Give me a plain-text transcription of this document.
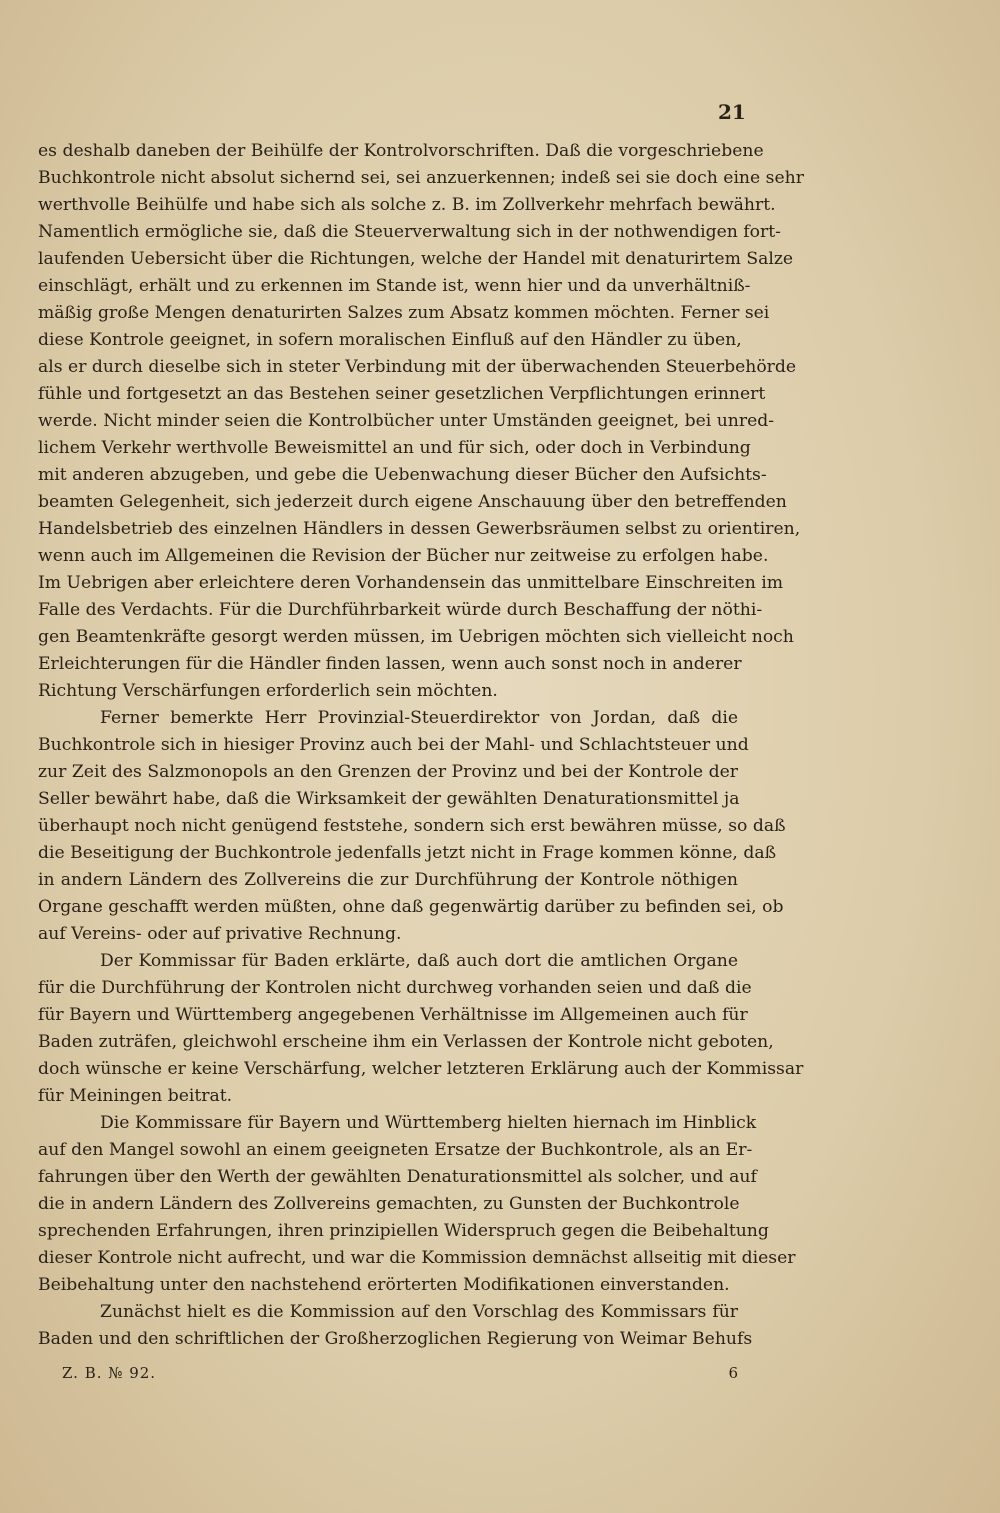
21
es deshalb daneben der Beihülfe der Kontrolvorschriften. Daß die vorgeschriebene
Buchkontrole nicht absolut sichernd sei, sei anzuerkennen; indeß sei sie doch eine sehr
werthvolle Beihülfe und habe sich als solche z. B. im Zollverkehr mehrfach bewährt.
Namentlich ermögliche sie, daß die Steuerverwaltung sich in der nothwendigen fort-
laufenden Uebersicht über die Richtungen, welche der Handel mit denaturirtem Salze
einschlägt, erhält und zu erkennen im Stande ist, wenn hier und da unverhältniß-
mäßig große Mengen denaturirten Salzes zum Absatz kommen möchten. Ferner sei
diese Kontrole geeignet, in sofern moralischen Einfluß auf den Händler zu üben,
als er durch dieselbe sich in steter Verbindung mit der überwachenden Steuerbehörde
fühle und fortgesetzt an das Bestehen seiner gesetzlichen Verpflichtungen erinnert
werde. Nicht minder seien die Kontrolbücher unter Umständen geeignet, bei unred-
lichem Verkehr werthvolle Beweismittel an und für sich, oder doch in Verbindung
mit anderen abzugeben, und gebe die Uebenwachung dieser Bücher den Aufsichts-
beamten Gelegenheit, sich jederzeit durch eigene Anschauung über den betreffenden
Handelsbetrieb des einzelnen Händlers in dessen Gewerbsräumen selbst zu orientiren,
wenn auch im Allgemeinen die Revision der Bücher nur zeitweise zu erfolgen habe.
Im Uebrigen aber erleichtere deren Vorhandensein das unmittelbare Einschreiten im
Falle des Verdachts. Für die Durchführbarkeit würde durch Beschaffung der nöthi-
gen Beamtenkräfte gesorgt werden müssen, im Uebrigen möchten sich vielleicht noch
Erleichterungen für die Händler finden lassen, wenn auch sonst noch in anderer
Richtung Verschärfungen erforderlich sein möchten.
Ferner bemerkte Herr Provinzial-Steuerdirektor von Jordan, daß die
Buchkontrole sich in hiesiger Provinz auch bei der Mahl- und Schlachtsteuer und
zur Zeit des Salzmonopols an den Grenzen der Provinz und bei der Kontrole der
Seller bewährt habe, daß die Wirksamkeit der gewählten Denaturationsmittel ja
überhaupt noch nicht genügend feststehe, sondern sich erst bewähren müsse, so daß
die Beseitigung der Buchkontrole jedenfalls jetzt nicht in Frage kommen könne, daß
in andern Ländern des Zollvereins die zur Durchführung der Kontrole nöthigen
Organe geschafft werden müßten, ohne daß gegenwärtig darüber zu befinden sei, ob
auf Vereins- oder auf privative Rechnung.
Der Kommissar für Baden erklärte, daß auch dort die amtlichen Organe
für die Durchführung der Kontrolen nicht durchweg vorhanden seien und daß die
für Bayern und Württemberg angegebenen Verhältnisse im Allgemeinen auch für
Baden zuträfen, gleichwohl erscheine ihm ein Verlassen der Kontrole nicht geboten,
doch wünsche er keine Verschärfung, welcher letzteren Erklärung auch der Kommissar
für Meiningen beitrat.
Die Kommissare für Bayern und Württemberg hielten hiernach im Hinblick
auf den Mangel sowohl an einem geeigneten Ersatze der Buchkontrole, als an Er-
fahrungen über den Werth der gewählten Denaturationsmittel als solcher, und auf
die in andern Ländern des Zollvereins gemachten, zu Gunsten der Buchkontrole
sprechenden Erfahrungen, ihren prinzipiellen Widerspruch gegen die Beibehaltung
dieser Kontrole nicht aufrecht, und war die Kommission demnächst allseitig mit dieser
Beibehaltung unter den nachstehend erörterten Modifikationen einverstanden.
Zunächst hielt es die Kommission auf den Vorschlag des Kommissars für
Baden und den schriftlichen der Großherzoglichen Regierung von Weimar Behufs
Z. B. № 92.	6
